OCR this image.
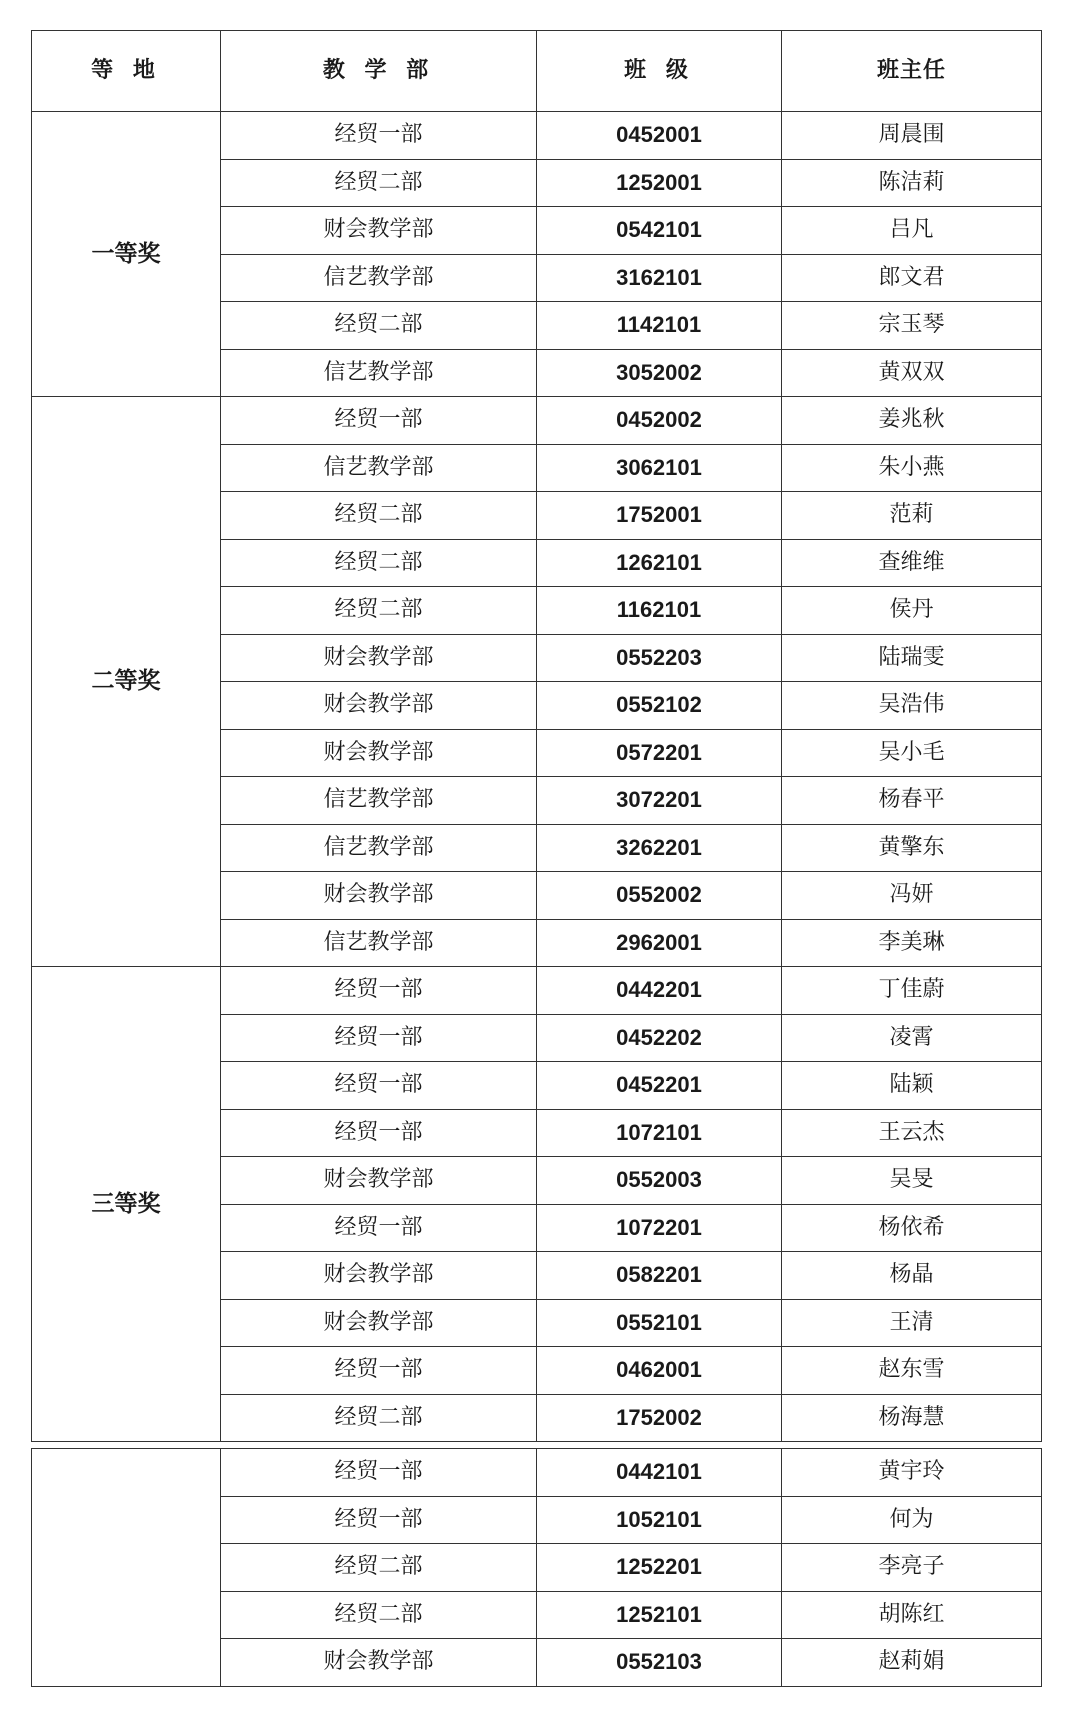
等 地	教 学 部	班 级	班主任
一等奖	经贸一部	0452001	周晨围
	经贸二部	1252001	陈洁莉
	财会教学部	0542101	吕凡
	信艺教学部	3162101	郎文君
	经贸二部	1142101	宗玉琴
	信艺教学部	3052002	黄双双
二等奖	经贸一部	0452002	姜兆秋
	信艺教学部	3062101	朱小燕
	经贸二部	1752001	范莉
	经贸二部	1262101	查维维
	经贸二部	1162101	侯丹
	财会教学部	0552203	陆瑞雯
	财会教学部	0552102	吴浩伟
	财会教学部	0572201	吴小毛
	信艺教学部	3072201	杨春平
	信艺教学部	3262201	黄擎东
	财会教学部	0552002	冯妍
	信艺教学部	2962001	李美琳
三等奖	经贸一部	0442201	丁佳蔚
	经贸一部	0452202	凌霄
	经贸一部	0452201	陆颖
	经贸一部	1072101	王云杰
	财会教学部	0552003	吴旻
	经贸一部	1072201	杨依希
	财会教学部	0582201	杨晶
	财会教学部	0552101	王清
	经贸一部	0462001	赵东雪
	经贸二部	1752002	杨海慧

	经贸一部	0442101	黄宇玲
	经贸一部	1052101	何为
	经贸二部	1252201	李亮子
	经贸二部	1252101	胡陈红
	财会教学部	0552103	赵莉娟
